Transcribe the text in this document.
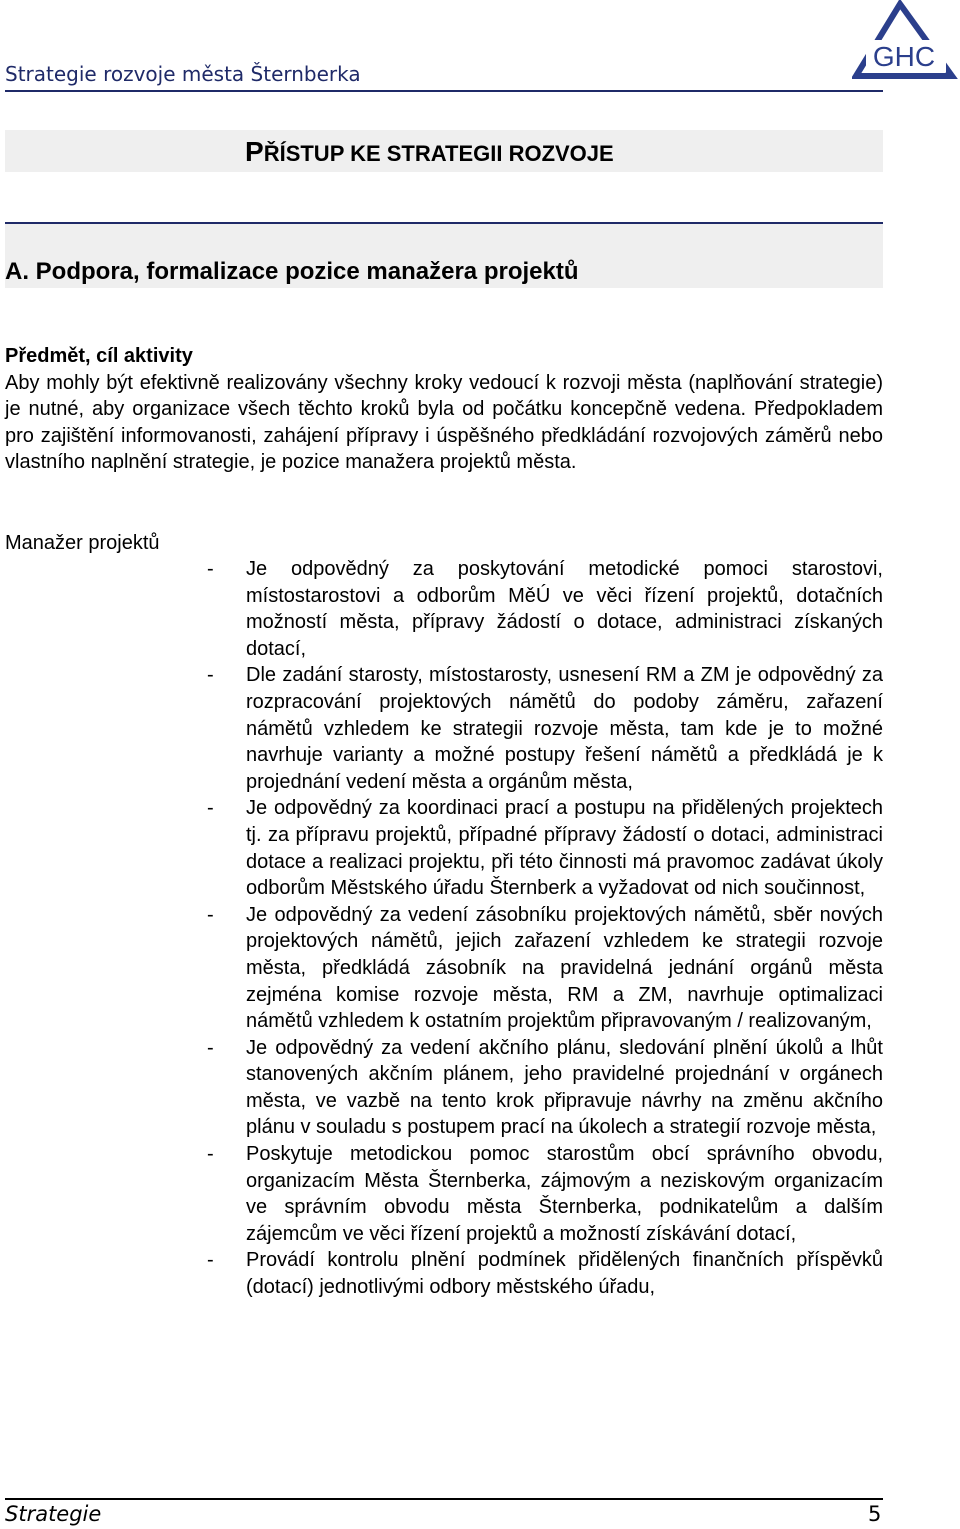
Strategie rozvoje města Šternberka
GHC
PŘÍSTUP KE STRATEGII ROZVOJE
A. Podpora, formalizace pozice manažera projektů
Předmět, cíl aktivity
Aby mohly být efektivně realizovány všechny kroky vedoucí k rozvoji města (naplňování strategie) je nutné, aby organizace všech těchto kroků byla od počátku koncepčně vedena. Předpokladem pro zajištění informovanosti, zahájení přípravy i úspěšného předkládání rozvojových záměrů nebo vlastního naplnění strategie, je pozice manažera projektů města.
Manažer projektů
- Je odpovědný za poskytování metodické pomoci starostovi, místostarostovi a odborům MěÚ ve věci řízení projektů, dotačních možností města, přípravy žádostí o dotace, administraci získaných dotací,
- Dle zadání starosty, místostarosty, usnesení RM a ZM je odpovědný za rozpracování projektových námětů do podoby záměru, zařazení námětů vzhledem ke strategii rozvoje města, tam kde je to možné navrhuje varianty a možné postupy řešení námětů a předkládá je k projednání vedení města a orgánům města,
- Je odpovědný za koordinaci prací a postupu na přidělených projektech tj. za přípravu projektů, případné přípravy žádostí o dotaci, administraci dotace a realizaci projektu, při této činnosti má pravomoc zadávat úkoly odborům Městského úřadu Šternberk a vyžadovat od nich součinnost,
- Je odpovědný za vedení zásobníku projektových námětů, sběr nových projektových námětů, jejich zařazení vzhledem ke strategii rozvoje města, předkládá zásobník na pravidelná jednání orgánů města zejména komise rozvoje města, RM a ZM, navrhuje optimalizaci námětů vzhledem k ostatním projektům připravovaným / realizovaným,
- Je odpovědný za vedení akčního plánu, sledování plnění úkolů a lhůt stanovených akčním plánem, jeho pravidelné projednání v orgánech města, ve vazbě na tento krok připravuje návrhy na změnu akčního plánu v souladu s postupem prací na úkolech a strategií rozvoje města,
- Poskytuje metodickou pomoc starostům obcí správního obvodu, organizacím Města Šternberka, zájmovým a neziskovým organizacím ve správním obvodu města Šternberka, podnikatelům a dalším zájemcům ve věci řízení projektů a možností získávání dotací,
- Provádí kontrolu plnění podmínek přidělených finančních příspěvků (dotací) jednotlivými odbory městského úřadu,
Strategie	5
